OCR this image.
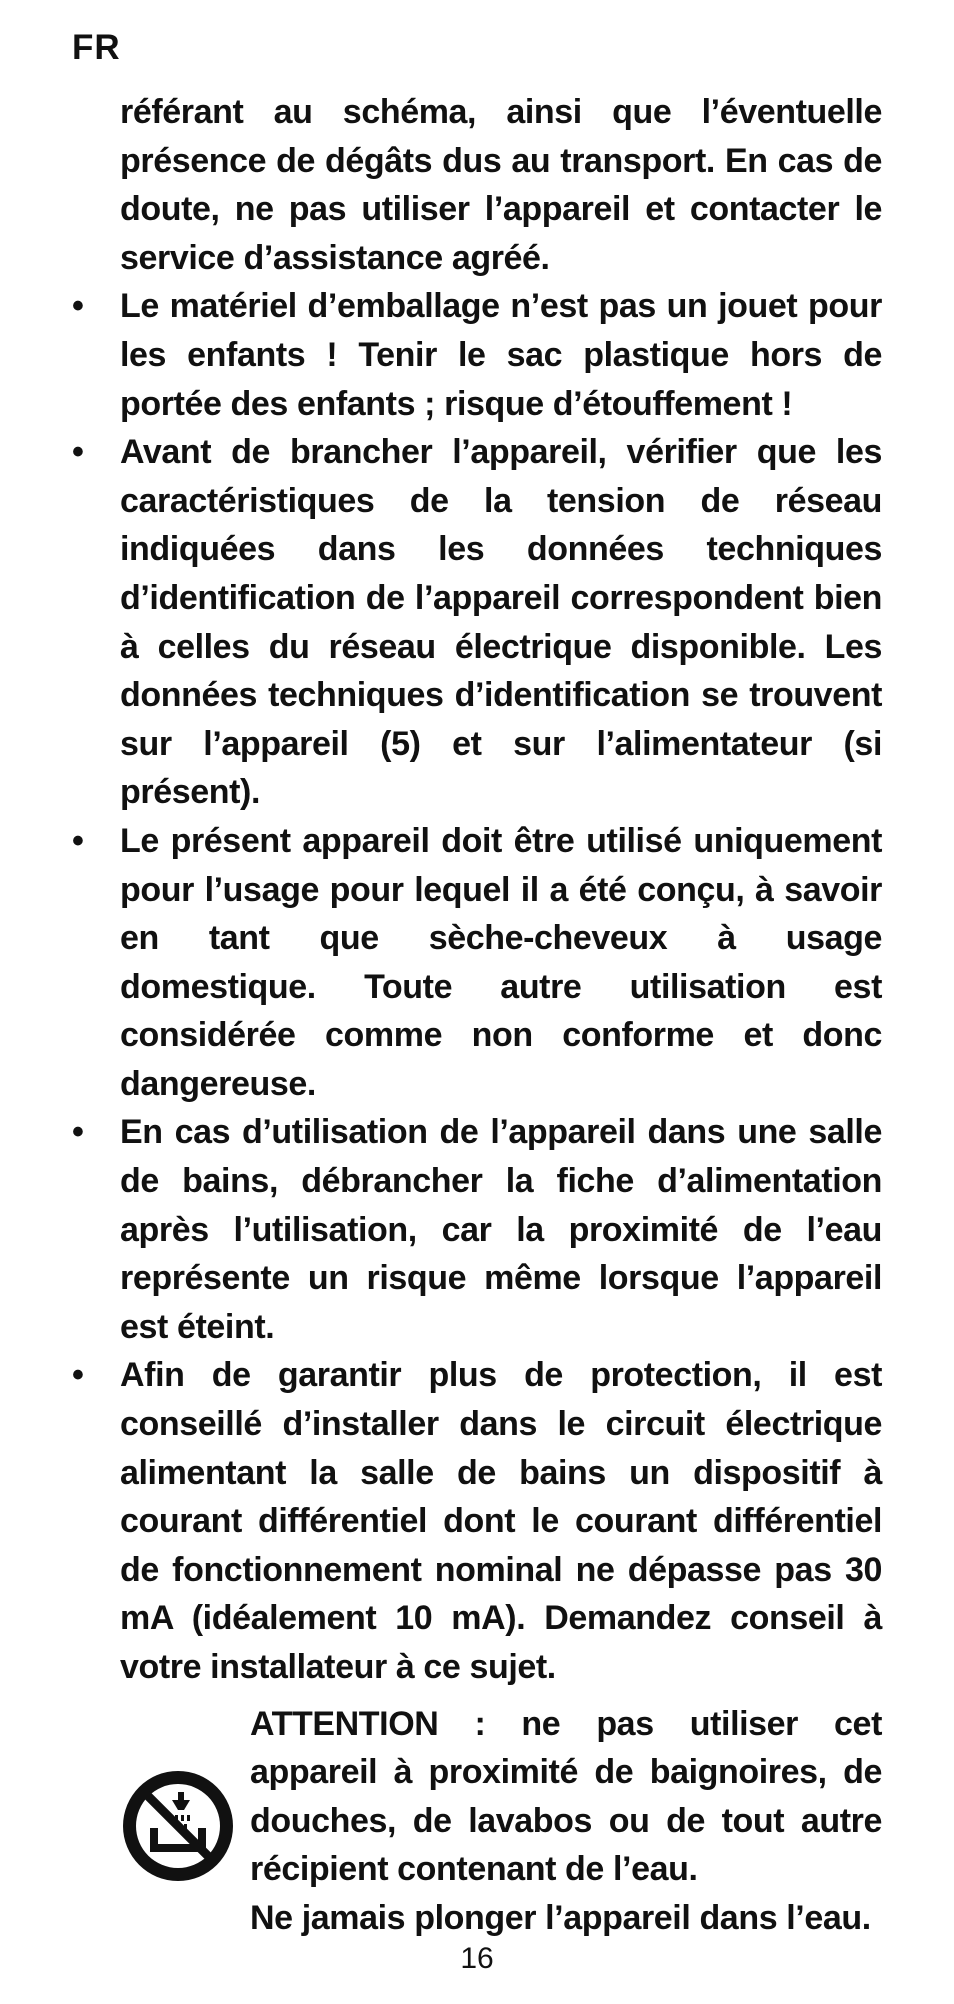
FR

référant au schéma, ainsi que l’éventuelle présence de dégâts dus au transport. En cas de doute, ne pas utiliser l’appareil et contacter le service d’assistance agréé.

•	Le matériel d’emballage n’est pas un jouet pour les enfants ! Tenir le sac plastique hors de portée des enfants ; risque d’étouffement !
•	Avant de brancher l’appareil, vérifier que les caractéristiques de la tension de réseau indiquées dans les données techniques d’identification de l’appareil correspondent bien à celles du réseau électrique disponible. Les données techniques d’identification se trouvent sur l’appareil (5) et sur l’alimentateur (si présent).
•	Le présent appareil doit être utilisé uniquement pour l’usage pour lequel il a été conçu, à savoir en tant que sèche-cheveux à usage domestique. Toute autre utilisation est considérée comme non conforme et donc dangereuse.
•	En cas d’utilisation de l’appareil dans une salle de bains, débrancher la fiche d’alimentation après l’utilisation, car la proximité de l’eau représente un risque même lorsque l’appareil est éteint.
•	Afin de garantir plus de protection, il est conseillé d’installer dans le circuit électrique alimentant la salle de bains un dispositif à courant différentiel dont le courant différentiel de fonctionnement nominal ne dépasse pas 30 mA (idéalement 10 mA). Demandez conseil à votre installateur à ce sujet.

ATTENTION : ne pas utiliser cet appareil à proximité de baignoires, de douches, de lavabos ou de tout autre récipient contenant de l’eau.

Ne jamais plonger l’appareil dans l’eau.

16
